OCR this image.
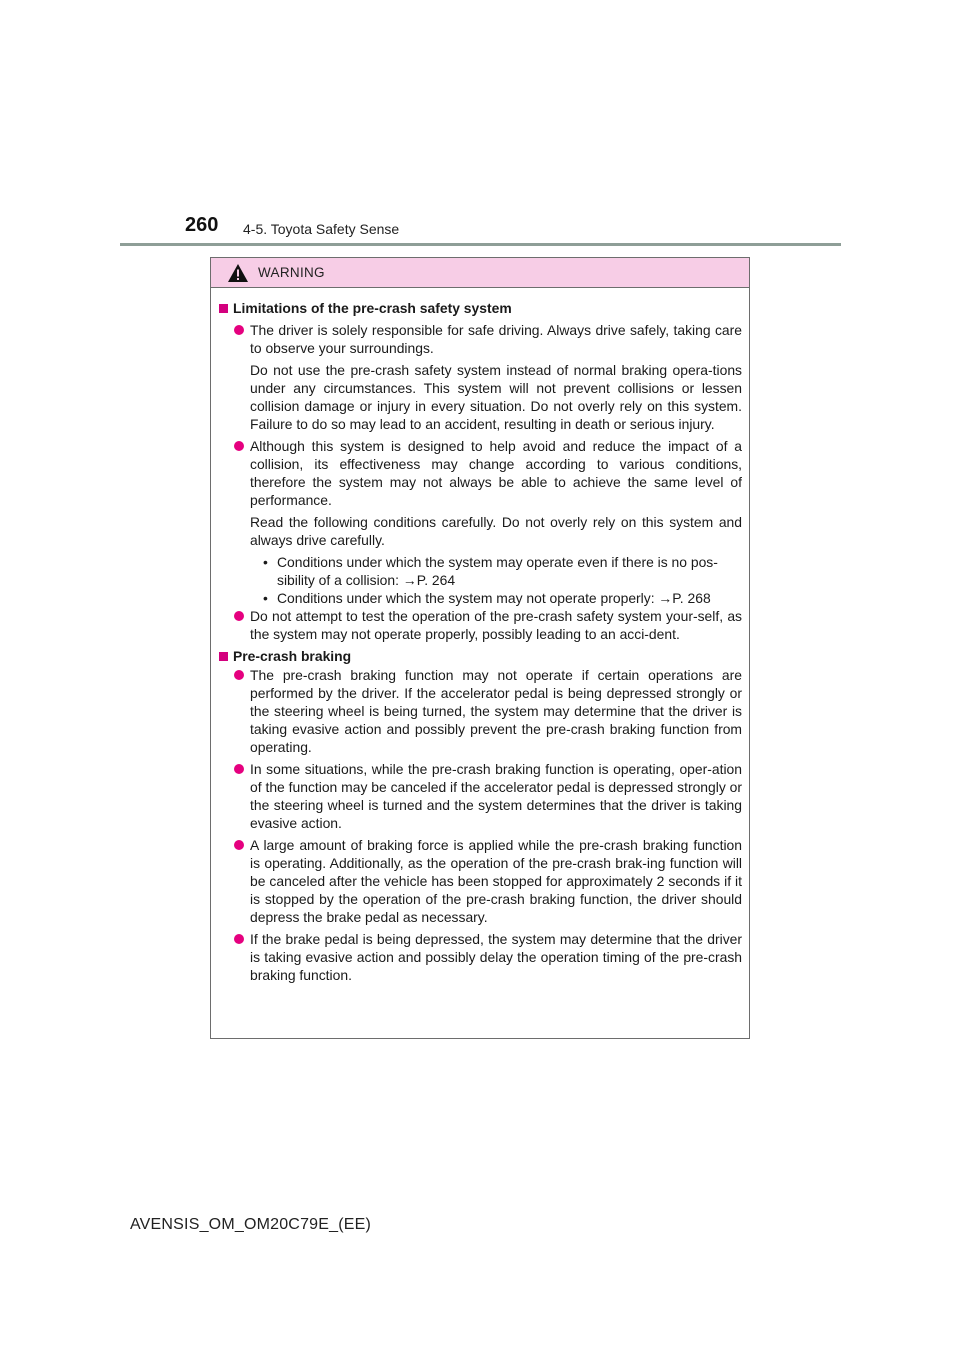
260 4-5. Toyota Safety Sense
WARNING
Limitations of the pre-crash safety system

The driver is solely responsible for safe driving. Always drive safely, taking care to observe your surroundings.

Do not use the pre-crash safety system instead of normal braking opera-tions under any circumstances. This system will not prevent collisions or lessen collision damage or injury in every situation. Do not overly rely on this system. Failure to do so may lead to an accident, resulting in death or serious injury.

Although this system is designed to help avoid and reduce the impact of a collision, its effectiveness may change according to various conditions, therefore the system may not always be able to achieve the same level of performance.

Read the following conditions carefully. Do not overly rely on this system and always drive carefully.

• Conditions under which the system may operate even if there is no pos-sibility of a collision: →P. 264
• Conditions under which the system may not operate properly: →P. 268

Do not attempt to test the operation of the pre-crash safety system your-self, as the system may not operate properly, possibly leading to an acci-dent.

Pre-crash braking

The pre-crash braking function may not operate if certain operations are performed by the driver. If the accelerator pedal is being depressed strongly or the steering wheel is being turned, the system may determine that the driver is taking evasive action and possibly prevent the pre-crash braking function from operating.

In some situations, while the pre-crash braking function is operating, oper-ation of the function may be canceled if the accelerator pedal is depressed strongly or the steering wheel is turned and the system determines that the driver is taking evasive action.

A large amount of braking force is applied while the pre-crash braking function is operating. Additionally, as the operation of the pre-crash brak-ing function will be canceled after the vehicle has been stopped for approximately 2 seconds if it is stopped by the operation of the pre-crash braking function, the driver should depress the brake pedal as necessary.

If the brake pedal is being depressed, the system may determine that the driver is taking evasive action and possibly delay the operation timing of the pre-crash braking function.

AVENSIS_OM_OM20C79E_(EE)
